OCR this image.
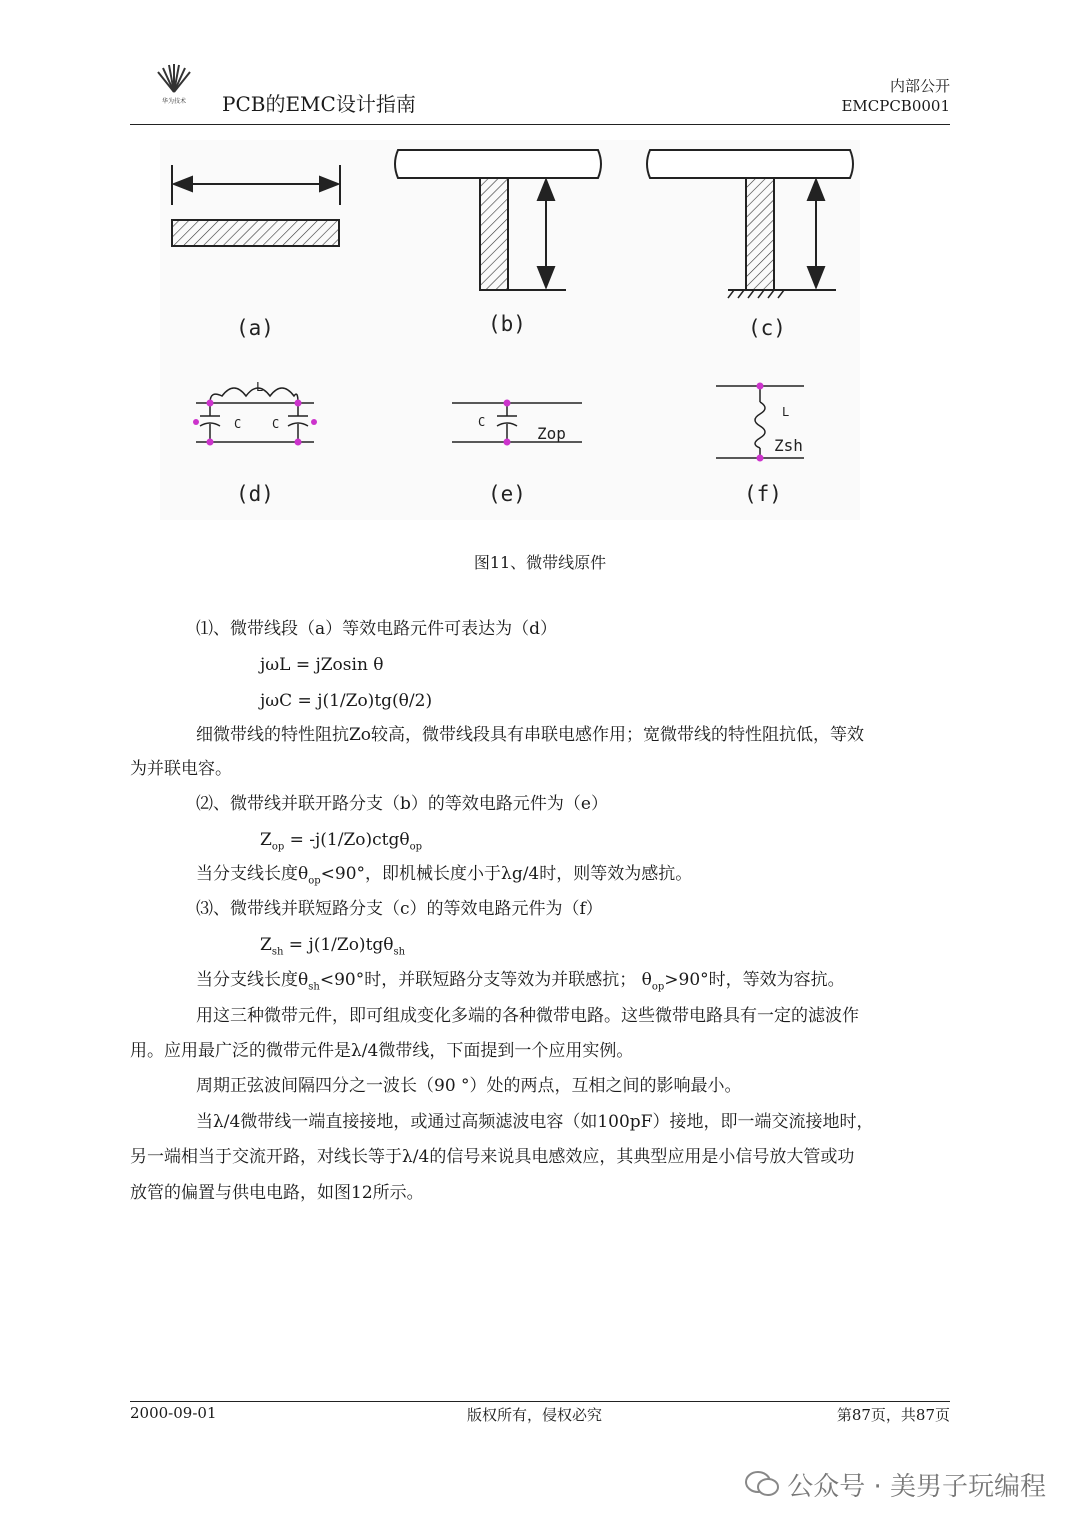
华为技术 PCB的EMC设计指南
内部公开
EMCPCB0001
L
C	C	C
Zop
L
Zsh
(a)	(b)	(c)
(d)	(e)	(f)
图11、微带线原件
⑴、微带线段（a）等效电路元件可表达为（d）
jωL = jZosin θ
jωC = j(1/Zo)tg(θ/2)
细微带线的特性阻抗Zo较高，微带线段具有串联电感作用；宽微带线的特性阻抗低，等效
为并联电容。
⑵、微带线并联开路分支（b）的等效电路元件为（e）
$Z_{op} = -j(1/Zo)ctg\theta_{op}$
当分支线长度$\theta_{op}<90^\circ$，即机械长度小于λg/4时，则等效为感抗。
⑶、微带线并联短路分支（c）的等效电路元件为（f）
$Z_{sh} = j(1/Zo)tg\theta_{sh}$
当分支线长度$\theta_{sh}<90^\circ$时，并联短路分支等效为并联感抗； $\theta_{op}>90^\circ$时，等效为容抗。
用这三种微带元件，即可组成变化多端的各种微带电路。这些微带电路具有一定的滤波作
用。应用最广泛的微带元件是λ/4微带线，下面提到一个应用实例。
周期正弦波间隔四分之一波长（90 °）处的两点，互相之间的影响最小。
当λ/4微带线一端直接接地，或通过高频滤波电容（如100pF）接地，即一端交流接地时，
另一端相当于交流开路，对线长等于λ/4的信号来说具电感效应，其典型应用是小信号放大管或功
放管的偏置与供电电路，如图12所示。
2000-09-01	版权所有，侵权必究	第87页，共87页
公众号 · 美男子玩编程
